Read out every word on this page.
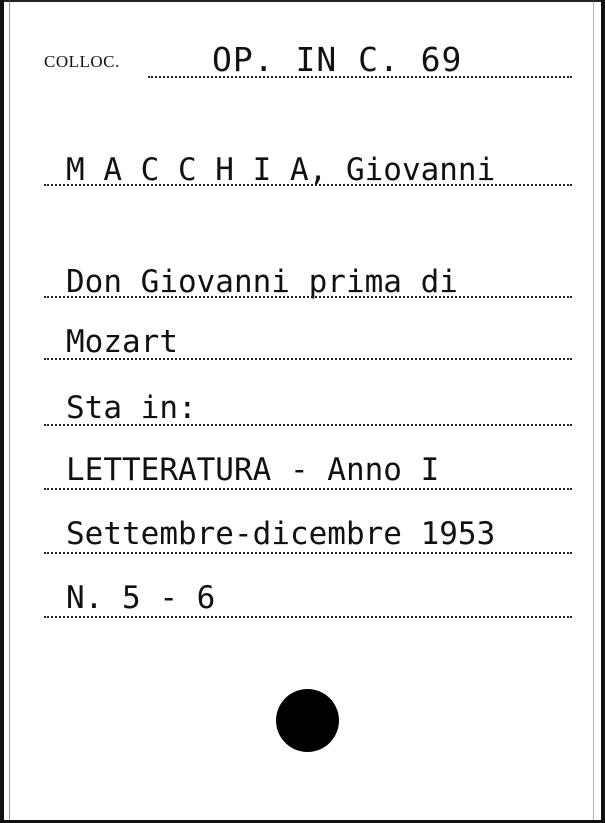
COLLOC.	OP. IN C. 69
M A C C H I A, Giovanni
Don Giovanni prima di
Mozart
Sta in:
LETTERATURA - Anno I
Settembre-dicembre 1953
N. 5 - 6
